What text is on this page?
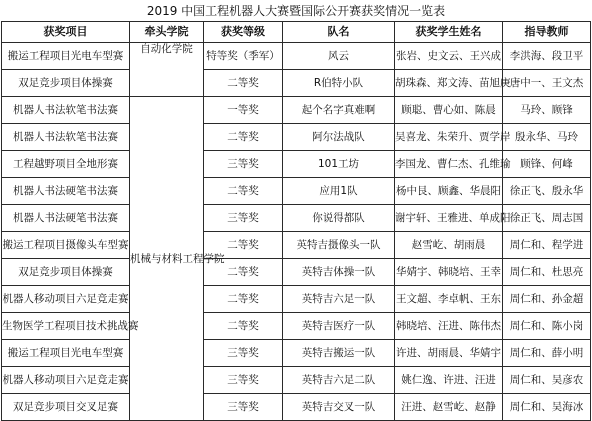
2019 中国工程机器人大赛暨国际公开赛获奖情况一览表
获奖项目	牵头学院	获奖等级	队名	获奖学生姓名	指导教师
搬运工程项目光电车型赛	自动化学院	特等奖（季军）	风云	张岩、史文云、王兴成	李洪海、段卫平
双足竞步项目体操赛		二等奖	R伯特小队	胡珠森、郑文涛、苗旭庚	唐中一、王文杰
机器人书法软笔书法赛	机械与材料工程学院	一等奖	起个名字真难啊	顾聪、曹心如、陈晨	马玲、顾锋
机器人书法软笔书法赛		二等奖	阿尔法战队	吴喜龙、朱荣升、贾学岸	殷永华、马玲
工程越野项目全地形赛		三等奖	101工坊	李国龙、曹仁杰、孔维瑜	顾锋、何峰
机器人书法硬笔书法赛		二等奖	应用1队	杨中艮、顾鑫、华晨阳	徐正飞、殷永华
机器人书法硬笔书法赛		三等奖	你说得都队	谢宇轩、王雅进、单成阳	徐正飞、周志国
搬运工程项目摄像头车型赛		二等奖	英特吉摄像头一队	赵雪屹、胡雨晨	周仁和、程学进
双足竞步项目体操赛		二等奖	英特吉体操一队	华婧宇、韩晓培、王幸	周仁和、杜思亮
机器人移动项目六足竞走赛		二等奖	英特吉六足一队	王文超、李卓帆、王东	周仁和、孙金超
生物医学工程项目技术挑战赛		二等奖	英特吉医疗一队	韩晓培、汪进、陈伟杰	周仁和、陈小岗
搬运工程项目光电车型赛		三等奖	英特吉搬运一队	许进、胡雨晨、华婧宇	周仁和、薛小明
机器人移动项目六足竞走赛		三等奖	英特吉六足二队	姚仁逸、许进、汪进	周仁和、吴彦农
双足竞步项目交叉足赛		三等奖	英特吉交叉一队	汪进、赵雪屹、赵静	周仁和、吴海冰
